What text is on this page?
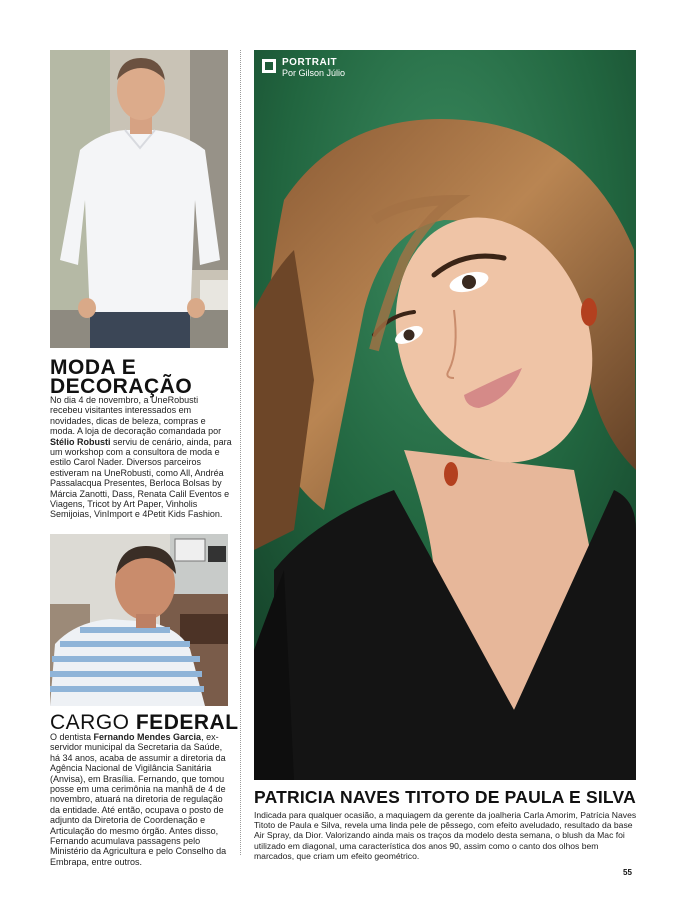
MODA E
DECORAÇÃO

No dia 4 de novembro, a UneRobusti recebeu visitantes interessados em novidades, dicas de beleza, compras e moda. A loja de decoração comandada por Stélio Robusti serviu de cenário, ainda, para um workshop com a consultora de moda e estilo Carol Nader. Diversos parceiros estiveram na UneRobusti, como All, Andréa Passalacqua Presentes, Berloca Bolsas by Márcia Zanotti, Dass, Renata Calil Eventos e Viagens, Tricot by Art Paper, Vinholis Semijoias, VinImport e 4Petit Kids Fashion.

CARGO FEDERAL

O dentista Fernando Mendes Garcia, ex-servidor municipal da Secretaria da Saúde, há 34 anos, acaba de assumir a diretoria da Agência Nacional de Vigilância Sanitária (Anvisa), em Brasília. Fernando, que tomou posse em uma cerimônia na manhã de 4 de novembro, atuará na diretoria de regulação da entidade. Até então, ocupava o posto de adjunto da Diretoria de Coordenação e Articulação do mesmo órgão. Antes disso, Fernando acumulava passagens pelo Ministério da Agricultura e pelo Conselho da Embrapa, entre outros.

PORTRAIT
Por Gilson Júlio
PATRICIA NAVES TITOTO DE PAULA E SILVA

Indicada para qualquer ocasião, a maquiagem da gerente da joalheria Carla Amorim, Patrícia Naves Titoto de Paula e Silva, revela uma linda pele de pêssego, com efeito aveludado, resultado da base Air Spray, da Dior. Valorizando ainda mais os traços da modelo desta semana, o blush da Mac foi utilizado em diagonal, uma característica dos anos 90, assim como o canto dos olhos bem marcados, que criam um efeito geométrico.

55
